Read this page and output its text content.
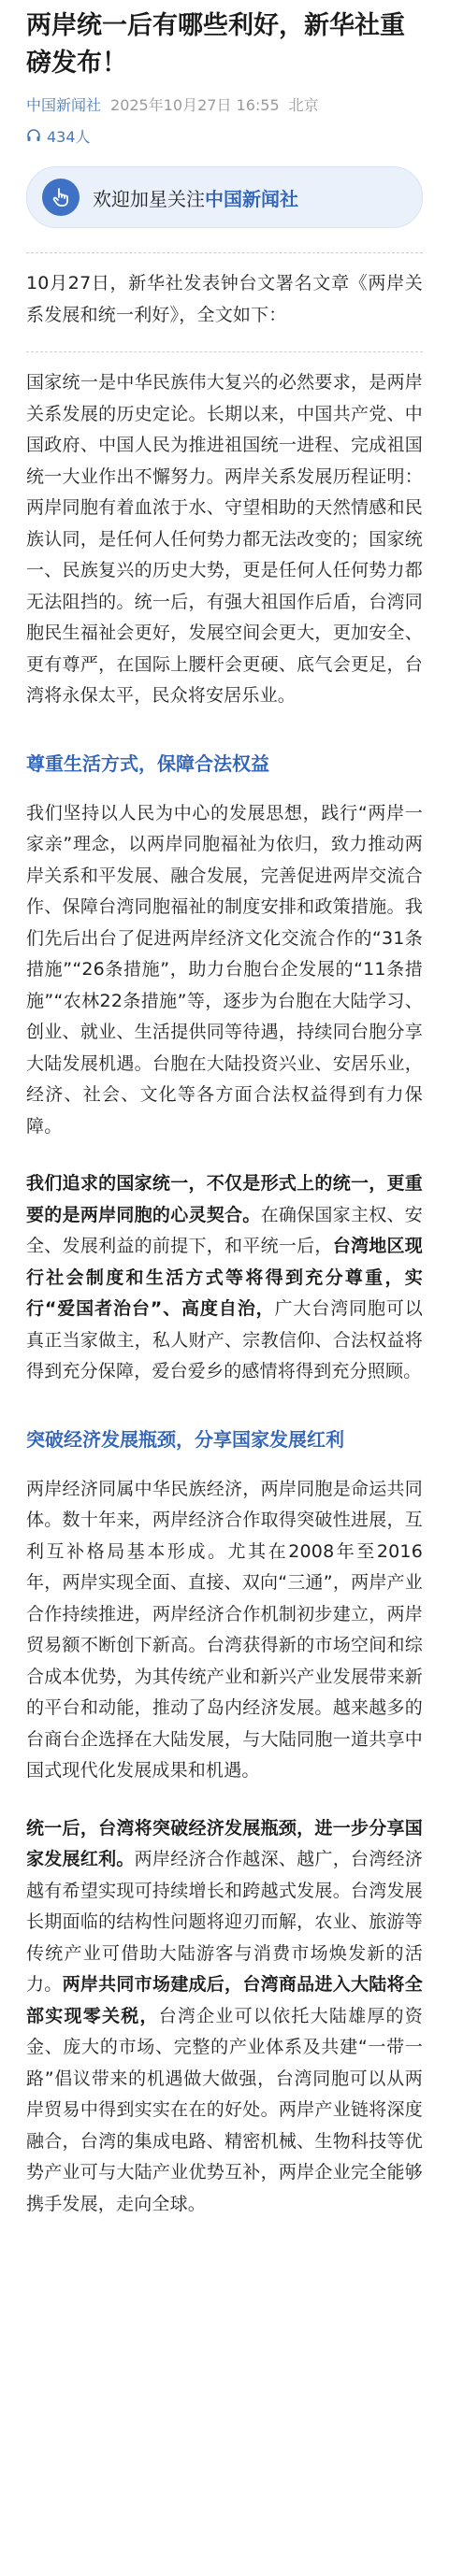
两岸统一后有哪些利好，新华社重磅发布！
中国新闻社 2025年10月27日 16:55 北京
434人
欢迎加星关注中国新闻社

10月27日，新华社发表钟台文署名文章《两岸关系发展和统一利好》，全文如下：

国家统一是中华民族伟大复兴的必然要求，是两岸关系发展的历史定论。长期以来，中国共产党、中国政府、中国人民为推进祖国统一进程、完成祖国统一大业作出不懈努力。两岸关系发展历程证明：两岸同胞有着血浓于水、守望相助的天然情感和民族认同，是任何人任何势力都无法改变的；国家统一、民族复兴的历史大势，更是任何人任何势力都无法阻挡的。统一后，有强大祖国作后盾，台湾同胞民生福祉会更好，发展空间会更大，更加安全、更有尊严，在国际上腰杆会更硬、底气会更足，台湾将永保太平，民众将安居乐业。

尊重生活方式，保障合法权益

我们坚持以人民为中心的发展思想，践行“两岸一家亲”理念，以两岸同胞福祉为依归，致力推动两岸关系和平发展、融合发展，完善促进两岸交流合作、保障台湾同胞福祉的制度安排和政策措施。我们先后出台了促进两岸经济文化交流合作的“31条措施”“26条措施”，助力台胞台企发展的“11条措施”“农林22条措施”等，逐步为台胞在大陆学习、创业、就业、生活提供同等待遇，持续同台胞分享大陆发展机遇。台胞在大陆投资兴业、安居乐业，经济、社会、文化等各方面合法权益得到有力保障。

我们追求的国家统一，不仅是形式上的统一，更重要的是两岸同胞的心灵契合。在确保国家主权、安全、发展利益的前提下，和平统一后，台湾地区现行社会制度和生活方式等将得到充分尊重，实行“爱国者治台”、高度自治，广大台湾同胞可以真正当家做主，私人财产、宗教信仰、合法权益将得到充分保障，爱台爱乡的感情将得到充分照顾。

突破经济发展瓶颈，分享国家发展红利

两岸经济同属中华民族经济，两岸同胞是命运共同体。数十年来，两岸经济合作取得突破性进展，互利互补格局基本形成。尤其在2008年至2016年，两岸实现全面、直接、双向“三通”，两岸产业合作持续推进，两岸经济合作机制初步建立，两岸贸易额不断创下新高。台湾获得新的市场空间和综合成本优势，为其传统产业和新兴产业发展带来新的平台和动能，推动了岛内经济发展。越来越多的台商台企选择在大陆发展，与大陆同胞一道共享中国式现代化发展成果和机遇。

统一后，台湾将突破经济发展瓶颈，进一步分享国家发展红利。两岸经济合作越深、越广，台湾经济越有希望实现可持续增长和跨越式发展。台湾发展长期面临的结构性问题将迎刃而解，农业、旅游等传统产业可借助大陆游客与消费市场焕发新的活力。两岸共同市场建成后，台湾商品进入大陆将全部实现零关税，台湾企业可以依托大陆雄厚的资金、庞大的市场、完整的产业体系及共建“一带一路”倡议带来的机遇做大做强，台湾同胞可以从两岸贸易中得到实实在在的好处。两岸产业链将深度融合，台湾的集成电路、精密机械、生物科技等优势产业可与大陆产业优势互补，两岸企业完全能够携手发展，走向全球。
